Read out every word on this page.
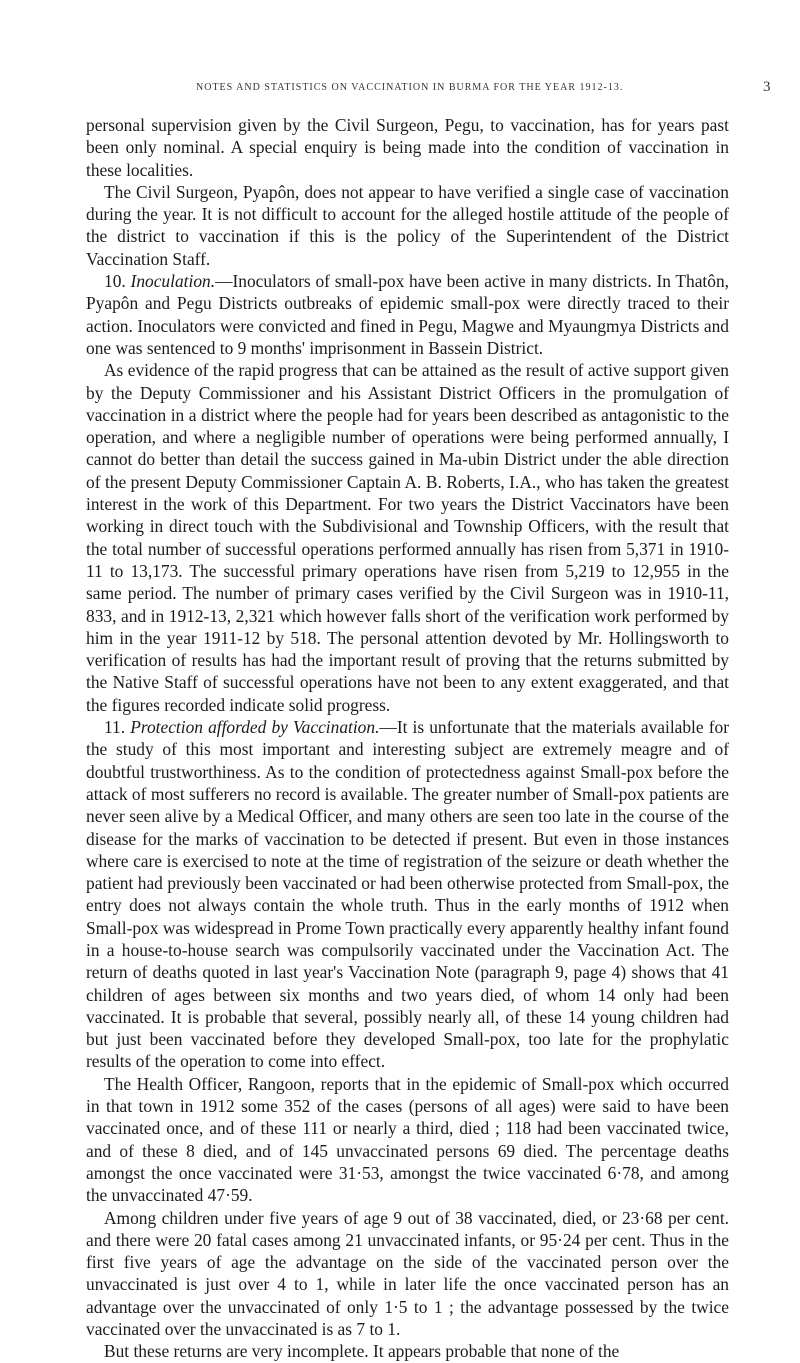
NOTES AND STATISTICS ON VACCINATION IN BURMA FOR THE YEAR 1912-13.	3

personal supervision given by the Civil Surgeon, Pegu, to vaccination, has for years past been only nominal. A special enquiry is being made into the condition of vaccination in these localities.

The Civil Surgeon, Pyapôn, does not appear to have verified a single case of vaccination during the year. It is not difficult to account for the alleged hostile attitude of the people of the district to vaccination if this is the policy of the Superintendent of the District Vaccination Staff.

10. Inoculation.—Inoculators of small-pox have been active in many districts. In Thatôn, Pyapôn and Pegu Districts outbreaks of epidemic small-pox were directly traced to their action. Inoculators were convicted and fined in Pegu, Magwe and Myaungmya Districts and one was sentenced to 9 months' imprisonment in Bassein District.

As evidence of the rapid progress that can be attained as the result of active support given by the Deputy Commissioner and his Assistant District Officers in the promulgation of vaccination in a district where the people had for years been described as antagonistic to the operation, and where a negligible number of operations were being performed annually, I cannot do better than detail the success gained in Ma-ubin District under the able direction of the present Deputy Commissioner Captain A. B. Roberts, I.A., who has taken the greatest interest in the work of this Department. For two years the District Vaccinators have been working in direct touch with the Subdivisional and Township Officers, with the result that the total number of successful operations performed annually has risen from 5,371 in 1910-11 to 13,173. The successful primary operations have risen from 5,219 to 12,955 in the same period. The number of primary cases verified by the Civil Surgeon was in 1910-11, 833, and in 1912-13, 2,321 which however falls short of the verification work performed by him in the year 1911-12 by 518. The personal attention devoted by Mr. Hollingsworth to verification of results has had the important result of proving that the returns submitted by the Native Staff of successful operations have not been to any extent exaggerated, and that the figures recorded indicate solid progress.

11. Protection afforded by Vaccination.—It is unfortunate that the materials available for the study of this most important and interesting subject are extremely meagre and of doubtful trustworthiness. As to the condition of protectedness against Small-pox before the attack of most sufferers no record is available. The greater number of Small-pox patients are never seen alive by a Medical Officer, and many others are seen too late in the course of the disease for the marks of vaccination to be detected if present. But even in those instances where care is exercised to note at the time of registration of the seizure or death whether the patient had previously been vaccinated or had been otherwise protected from Small-pox, the entry does not always contain the whole truth. Thus in the early months of 1912 when Small-pox was widespread in Prome Town practically every apparently healthy infant found in a house-to-house search was compulsorily vaccinated under the Vaccination Act. The return of deaths quoted in last year's Vaccination Note (paragraph 9, page 4) shows that 41 children of ages between six months and two years died, of whom 14 only had been vaccinated. It is probable that several, possibly nearly all, of these 14 young children had but just been vaccinated before they developed Small-pox, too late for the prophylatic results of the operation to come into effect.

The Health Officer, Rangoon, reports that in the epidemic of Small-pox which occurred in that town in 1912 some 352 of the cases (persons of all ages) were said to have been vaccinated once, and of these 111 or nearly a third, died ; 118 had been vaccinated twice, and of these 8 died, and of 145 unvaccinated persons 69 died. The percentage deaths amongst the once vaccinated were 31·53, amongst the twice vaccinated 6·78, and among the unvaccinated 47·59.

Among children under five years of age 9 out of 38 vaccinated, died, or 23·68 per cent. and there were 20 fatal cases among 21 unvaccinated infants, or 95·24 per cent. Thus in the first five years of age the advantage on the side of the vaccinated person over the unvaccinated is just over 4 to 1, while in later life the once vaccinated person has an advantage over the unvaccinated of only 1·5 to 1 ; the advantage possessed by the twice vaccinated over the unvaccinated is as 7 to 1.

But these returns are very incomplete. It appears probable that none of the
